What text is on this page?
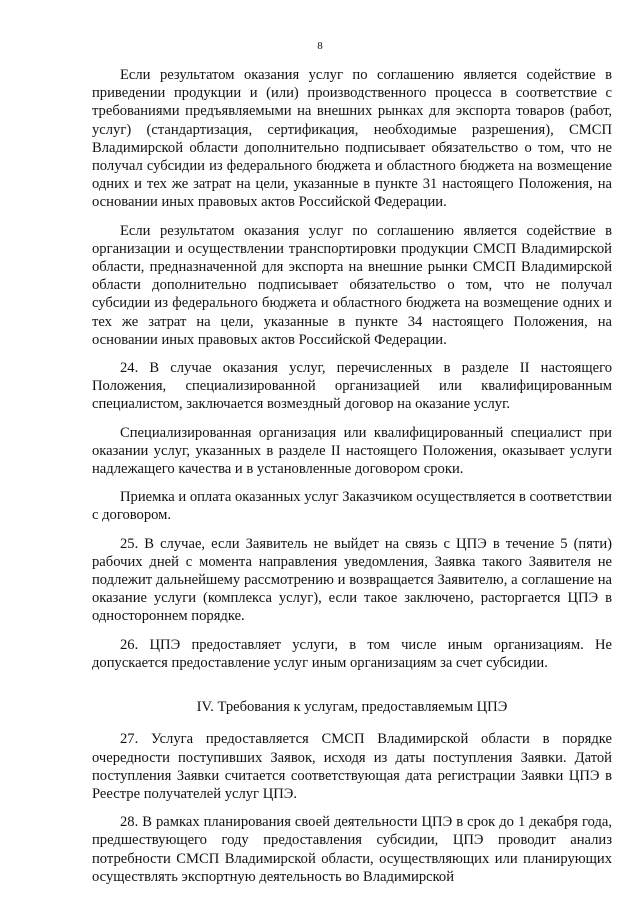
8

Если результатом оказания услуг по соглашению является содействие в приведении продукции и (или) производственного процесса в соответствие с требованиями предъявляемыми на внешних рынках для экспорта товаров (работ, услуг) (стандартизация, сертификация, необходимые разрешения), СМСП Владимирской области дополнительно подписывает обязательство о том, что не получал субсидии из федерального бюджета и областного бюджета на возмещение одних и тех же затрат на цели, указанные в пункте 31 настоящего Положения, на основании иных правовых актов Российской Федерации.

Если результатом оказания услуг по соглашению является содействие в организации и осуществлении транспортировки продукции СМСП Владимирской области, предназначенной для экспорта на внешние рынки СМСП Владимирской области дополнительно подписывает обязательство о том, что не получал субсидии из федерального бюджета и областного бюджета на возмещение одних и тех же затрат на цели, указанные в пункте 34 настоящего Положения, на основании иных правовых актов Российской Федерации.

24. В случае оказания услуг, перечисленных в разделе II настоящего Положения, специализированной организацией или квалифицированным специалистом, заключается возмездный договор на оказание услуг.

Специализированная организация или квалифицированный специалист при оказании услуг, указанных в разделе II настоящего Положения, оказывает услуги надлежащего качества и в установленные договором сроки.

Приемка и оплата оказанных услуг Заказчиком осуществляется в соответствии с договором.

25. В случае, если Заявитель не выйдет на связь с ЦПЭ в течение 5 (пяти) рабочих дней с момента направления уведомления, Заявка такого Заявителя не подлежит дальнейшему рассмотрению и возвращается Заявителю, а соглашение на оказание услуги (комплекса услуг), если такое заключено, расторгается ЦПЭ в одностороннем порядке.

26. ЦПЭ предоставляет услуги, в том числе иным организациям. Не допускается предоставление услуг иным организациям за счет субсидии.

IV. Требования к услугам, предоставляемым ЦПЭ

27. Услуга предоставляется СМСП Владимирской области в порядке очередности поступивших Заявок, исходя из даты поступления Заявки. Датой поступления Заявки считается соответствующая дата регистрации Заявки ЦПЭ в Реестре получателей услуг ЦПЭ.

28. В рамках планирования своей деятельности ЦПЭ в срок до 1 декабря года, предшествующего году предоставления субсидии, ЦПЭ проводит анализ потребности СМСП Владимирской области, осуществляющих или планирующих осуществлять экспортную деятельность во Владимирской
